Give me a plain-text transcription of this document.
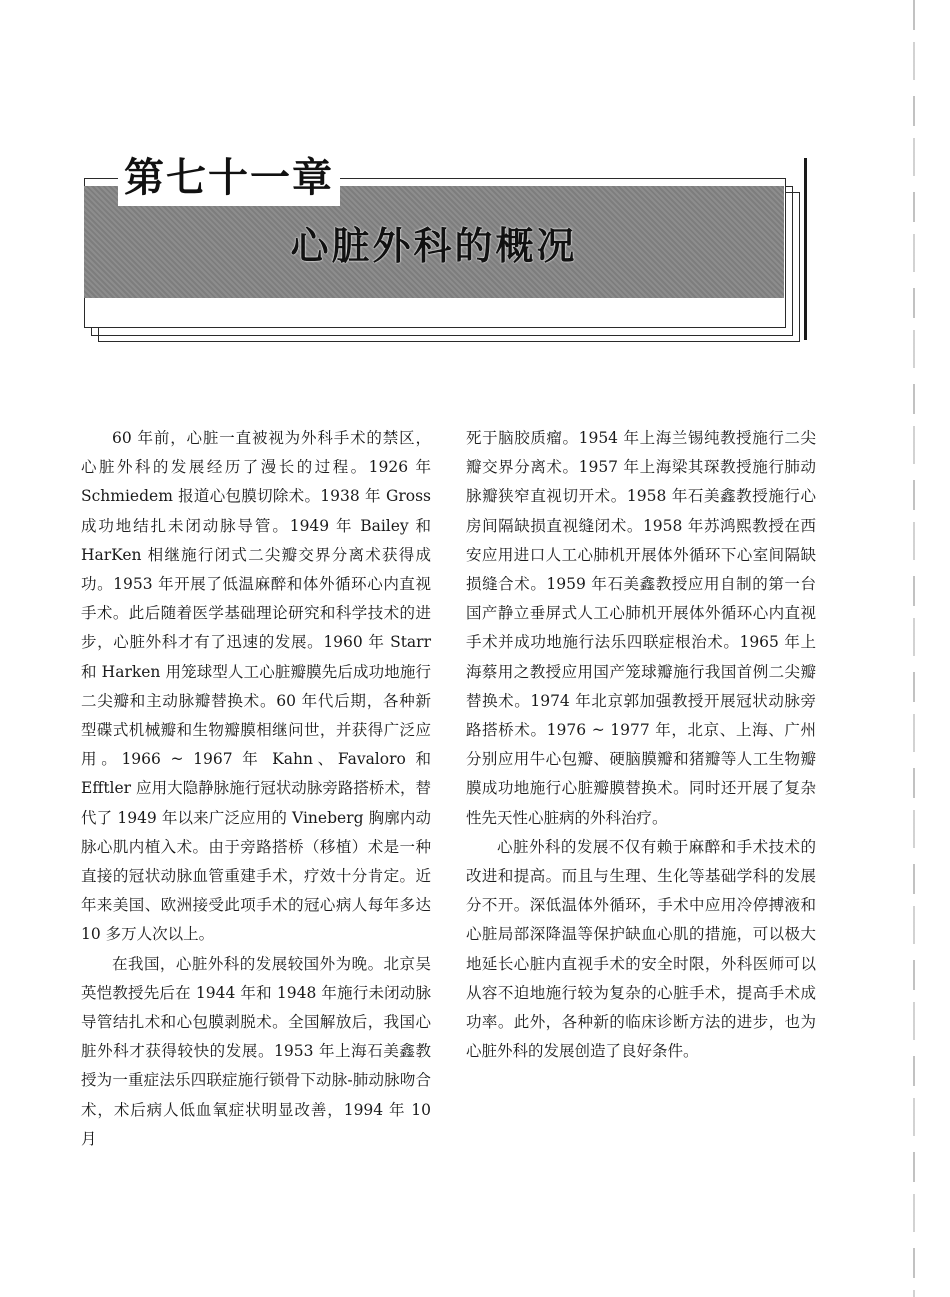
心脏外科的概况
第七十一章

60 年前，心脏一直被视为外科手术的禁区，心脏外科的发展经历了漫长的过程。1926 年 Schmiedem 报道心包膜切除术。1938 年 Gross 成功地结扎未闭动脉导管。1949 年 Bailey 和 HarKen 相继施行闭式二尖瓣交界分离术获得成功。1953 年开展了低温麻醉和体外循环心内直视手术。此后随着医学基础理论研究和科学技术的进步，心脏外科才有了迅速的发展。1960 年 Starr 和 Harken 用笼球型人工心脏瓣膜先后成功地施行二尖瓣和主动脉瓣替换术。60 年代后期，各种新型碟式机械瓣和生物瓣膜相继问世，并获得广泛应用。1966 ~ 1967 年 Kahn、Favaloro 和 Efftler 应用大隐静脉施行冠状动脉旁路搭桥术，替代了 1949 年以来广泛应用的 Vineberg 胸廓内动脉心肌内植入术。由于旁路搭桥（移植）术是一种直接的冠状动脉血管重建手术，疗效十分肯定。近年来美国、欧洲接受此项手术的冠心病人每年多达 10 多万人次以上。

在我国，心脏外科的发展较国外为晚。北京吴英恺教授先后在 1944 年和 1948 年施行未闭动脉导管结扎术和心包膜剥脱术。全国解放后，我国心脏外科才获得较快的发展。1953 年上海石美鑫教授为一重症法乐四联症施行锁骨下动脉-肺动脉吻合术，术后病人低血氧症状明显改善，1994 年 10 月

死于脑胶质瘤。1954 年上海兰锡纯教授施行二尖瓣交界分离术。1957 年上海梁其琛教授施行肺动脉瓣狭窄直视切开术。1958 年石美鑫教授施行心房间隔缺损直视缝闭术。1958 年苏鸿熙教授在西安应用进口人工心肺机开展体外循环下心室间隔缺损缝合术。1959 年石美鑫教授应用自制的第一台国产静立垂屏式人工心肺机开展体外循环心内直视手术并成功地施行法乐四联症根治术。1965 年上海蔡用之教授应用国产笼球瓣施行我国首例二尖瓣替换术。1974 年北京郭加强教授开展冠状动脉旁路搭桥术。1976 ~ 1977 年，北京、上海、广州分别应用牛心包瓣、硬脑膜瓣和猪瓣等人工生物瓣膜成功地施行心脏瓣膜替换术。同时还开展了复杂性先天性心脏病的外科治疗。

心脏外科的发展不仅有赖于麻醉和手术技术的改进和提高。而且与生理、生化等基础学科的发展分不开。深低温体外循环，手术中应用冷停搏液和心脏局部深降温等保护缺血心肌的措施，可以极大地延长心脏内直视手术的安全时限，外科医师可以从容不迫地施行较为复杂的心脏手术，提高手术成功率。此外，各种新的临床诊断方法的进步，也为心脏外科的发展创造了良好条件。
